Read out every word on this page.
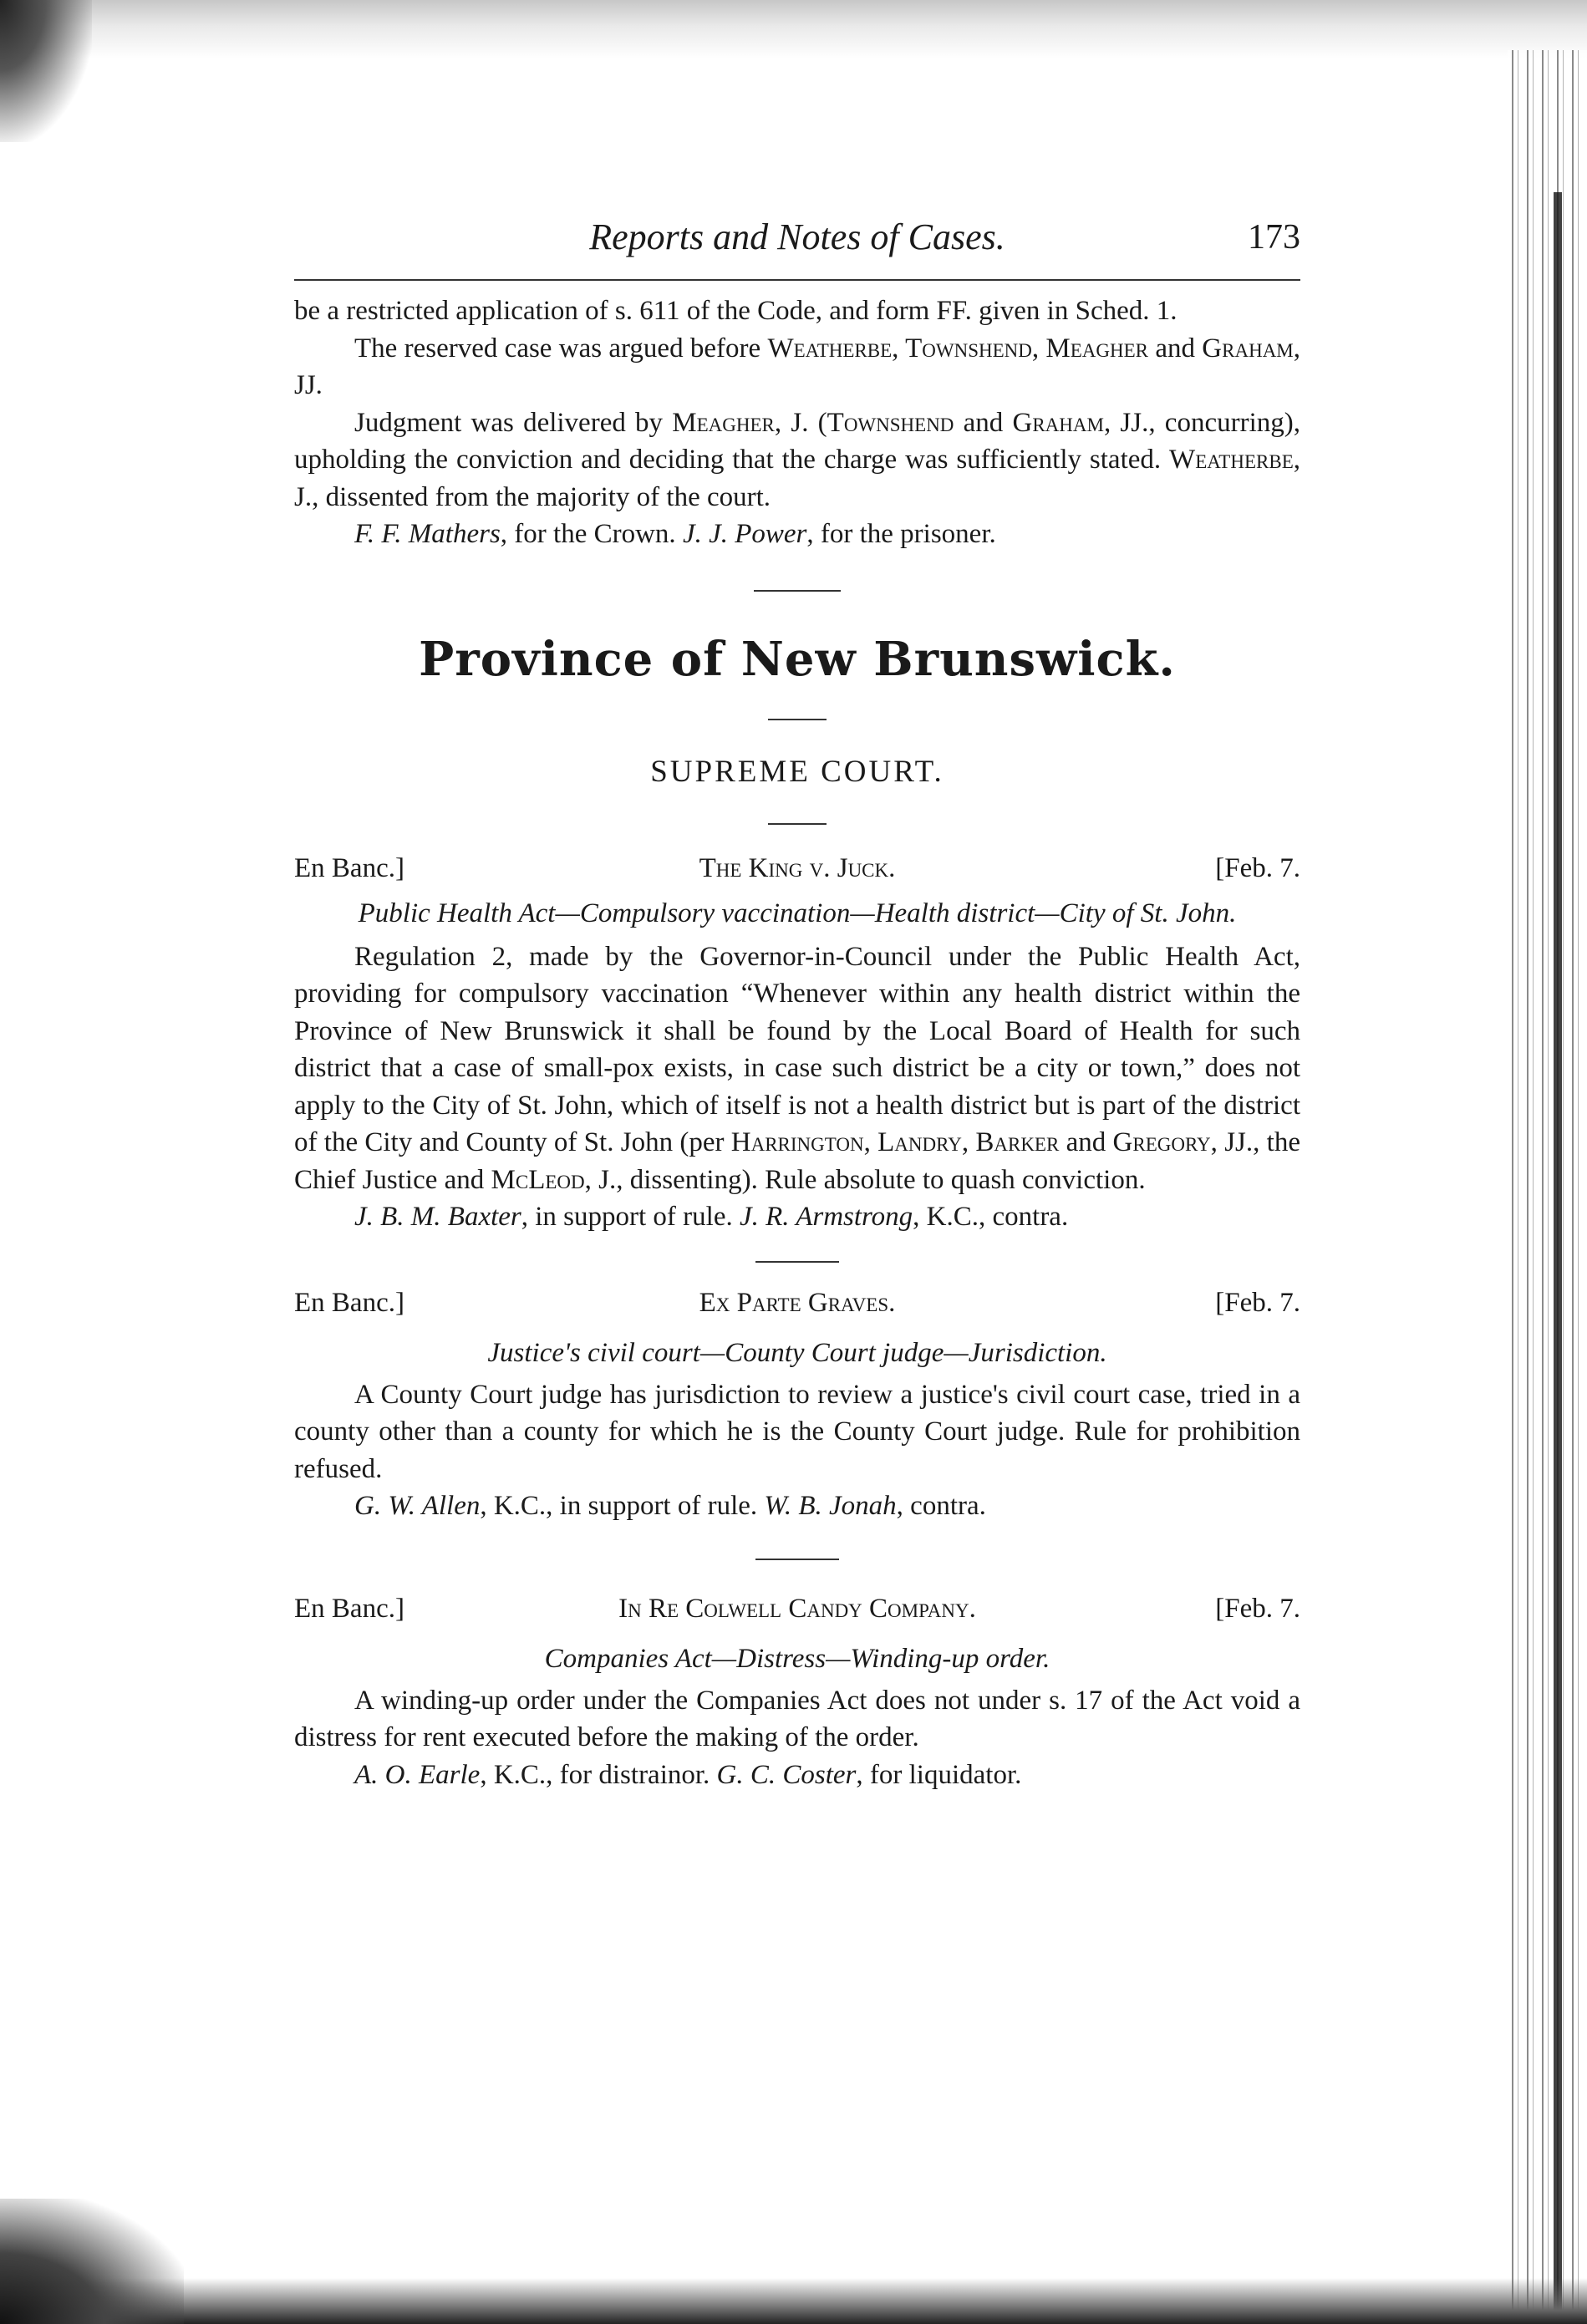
Reports and Notes of Cases.	173

be a restricted application of s. 611 of the Code, and form FF. given in Sched. 1.

The reserved case was argued before Weatherbe, Townshend, Meagher and Graham, JJ.

Judgment was delivered by Meagher, J. (Townshend and Graham, JJ., concurring), upholding the conviction and deciding that the charge was sufficiently stated. Weatherbe, J., dissented from the majority of the court.

F. F. Mathers, for the Crown. J. J. Power, for the prisoner.

Province of New Brunswick.
SUPREME COURT.
En Banc.]	The King v. Juck.	[Feb. 7.
Public Health Act—Compulsory vaccination—Health district—City of St. John.

Regulation 2, made by the Governor-in-Council under the Public Health Act, providing for compulsory vaccination “Whenever within any health district within the Province of New Brunswick it shall be found by the Local Board of Health for such district that a case of small-pox exists, in case such district be a city or town,” does not apply to the City of St. John, which of itself is not a health district but is part of the district of the City and County of St. John (per Harrington, Landry, Barker and Gregory, JJ., the Chief Justice and McLeod, J., dissenting). Rule absolute to quash conviction.

J. B. M. Baxter, in support of rule. J. R. Armstrong, K.C., contra.

En Banc.]	Ex Parte Graves.	[Feb. 7.
Justice's civil court—County Court judge—Jurisdiction.

A County Court judge has jurisdiction to review a justice's civil court case, tried in a county other than a county for which he is the County Court judge. Rule for prohibition refused.

G. W. Allen, K.C., in support of rule. W. B. Jonah, contra.

En Banc.]	In Re Colwell Candy Company.	[Feb. 7.
Companies Act—Distress—Winding-up order.

A winding-up order under the Companies Act does not under s. 17 of the Act void a distress for rent executed before the making of the order.

A. O. Earle, K.C., for distrainor. G. C. Coster, for liquidator.
